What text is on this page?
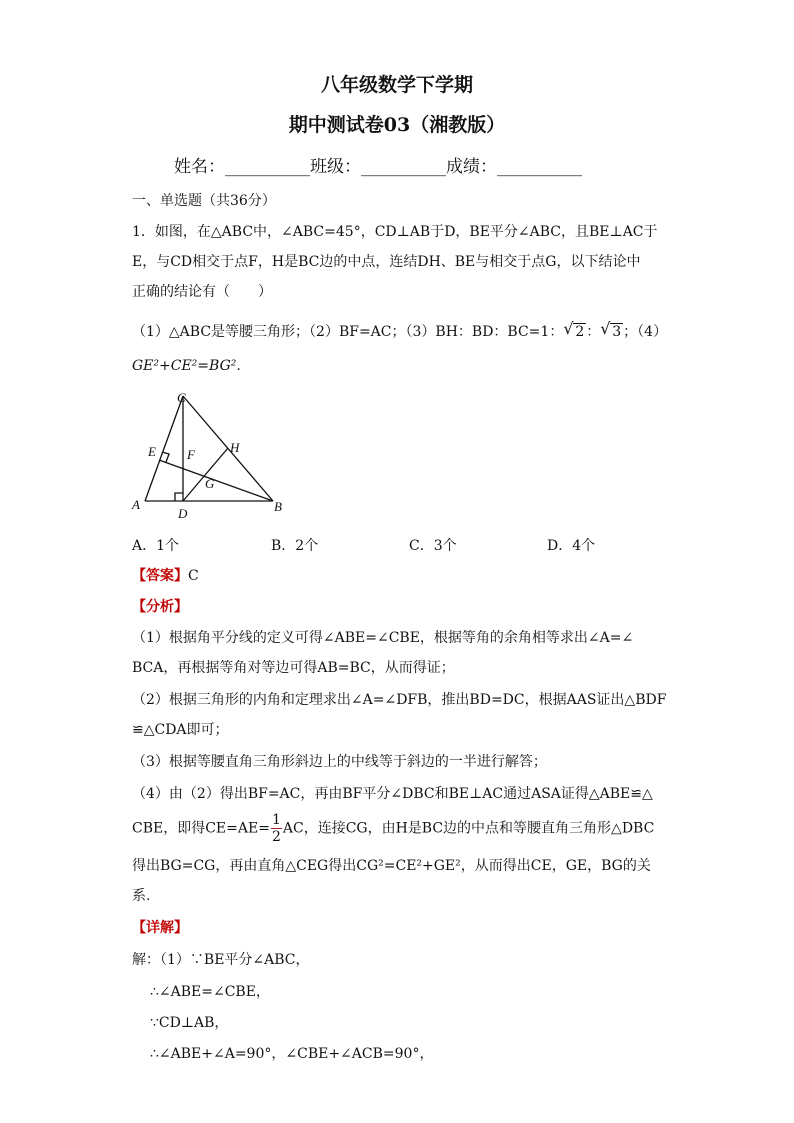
八年级数学下学期
期中测试卷03（湘教版）
姓名：__________班级：__________成绩：__________
一、单选题（共36分）
1．如图，在△ABC中，∠ABC=45°，CD⊥AB于D，BE平分∠ABC，且BE⊥AC于
E，与CD相交于点F，H是BC边的中点，连结DH、BE与相交于点G，以下结论中
正确的结论有（　　）
（1）△ABC是等腰三角形；（2）BF=AC；（3）BH：BD：BC=1： √ 2 ： √ 3 ；（4）
GE²+CE²=BG².
C
E	H
F
G
A
D	B
A．1个	B．2个	C．3个	D．4个
【答案】C
【分析】
（1）根据角平分线的定义可得∠ABE=∠CBE，根据等角的余角相等求出∠A=∠
BCA，再根据等角对等边可得AB=BC，从而得证；
（2）根据三角形的内角和定理求出∠A=∠DFB，推出BD=DC，根据AAS证出△BDF
≌△CDA即可；
（3）根据等腰直角三角形斜边上的中线等于斜边的一半进行解答；
（4）由（2）得出BF=AC，再由BF平分∠DBC和BE⊥AC通过ASA证得△ABE≌△
CBE，即得$CE=AE= \frac{1}{2}$ AC，连接CG，由H是BC边的中点和等腰直角三角形△DBC
得出BG=CG，再由直角△CEG得出CG²=CE²+GE²，从而得出CE，GE，BG的关
系.
【详解】
解：（1）∵BE平分∠ABC，
∴∠ABE=∠CBE，
∵CD⊥AB，
∴∠ABE+∠A=90°，∠CBE+∠ACB=90°，
